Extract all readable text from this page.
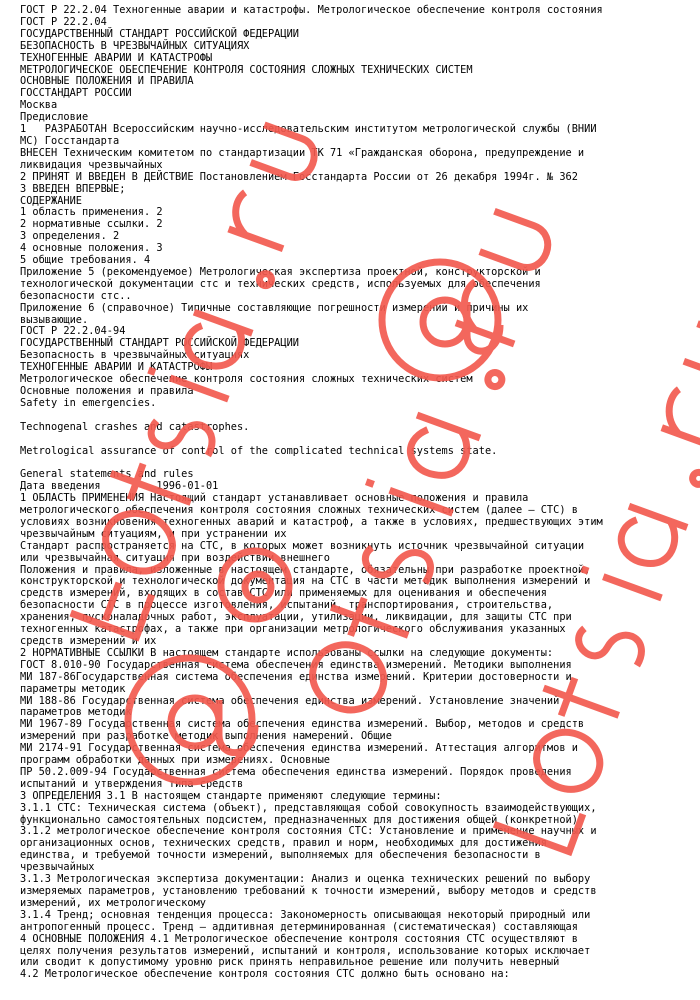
ГОСТ Р 22.2.04 Техногенные аварии и катастрофы. Метрологическое обеспечение контроля состояния
ГОСТ Р 22.2.04
ГОСУДАРСТВЕННЫЙ СТАНДАРТ РОССИЙСКОЙ ФЕДЕРАЦИИ
БЕЗОПАСНОСТЬ В ЧРЕЗВЫЧАЙНЫХ СИТУАЦИЯХ
ТЕХНОГЕННЫЕ АВАРИИ И КАТАСТРОФЫ
МЕТРОЛОГИЧЕСКОЕ ОБЕСПЕЧЕНИЕ КОНТРОЛЯ СОСТОЯНИЯ СЛОЖНЫХ ТЕХНИЧЕСКИХ СИСТЕМ
ОСНОВНЫЕ ПОЛОЖЕНИЯ И ПРАВИЛА
ГОССТАНДАРТ РОССИИ
Москва
Предисловие
1   РАЗРАБОТАН Всероссийским научно-исследовательским институтом метрологической службы (ВНИИ
МС) Госстандарта
ВНЕСЕН Техническим комитетом по стандартизации ТК 71 «Гражданская оборона, предупреждение и
ликвидация чрезвычайных
2 ПРИНЯТ И ВВЕДЕН В ДЕЙСТВИЕ Постановлением Госстандарта России от 26 декабря 1994г. № 362
3 ВВЕДЕН ВПЕРВЫЕ;
СОДЕРЖАНИЕ
1 область применения. 2
2 нормативные ссылки. 2
3 определения. 2
4 основные положения. 3
5 общие требования. 4
Приложение 5 (рекомендуемое) Метрологическая экспертиза проектной, конструкторской и
технологической документации стс и технических средств, используемых для обеспечения
безопасности стс..
Приложение 6 (справочное) Типичные составляющие погрешности измерений и причины их
вызывающие.
ГОСТ Р 22.2.04-94
ГОСУДАРСТВЕННЫЙ СТАНДАРТ РОССИЙСКОЙ ФЕДЕРАЦИИ
Безопасность в чрезвычайных ситуациях
ТЕХНОГЕННЫЕ АВАРИИ И КАТАСТРОФЫ
Метрологическое обеспечение контроля состояния сложных технических систем
Основные положения и правила
Safety in emergencies.
Technogenal crashes and catastrophes.
Metrological assurance of control of the complicated technical systems state.
General statements and rules
Дата введения         1996-01-01
1 ОБЛАСТЬ ПРИМЕНЕНИЯ Настоящий стандарт устанавливает основные положения и правила
метрологического обеспечения контроля состояния сложных технических систем (далее — СТС) в
условиях возникновения техногенных аварий и катастроф, а также в условиях, предшествующих этим
чрезвычайным ситуациям, и при устранении их
Стандарт распространяется на СТС, в которых может возникнуть источник чрезвычайной ситуации
или чрезвычайная ситуация при воздействии внешнего
Положения и правила, изложенные в настоящем стандарте, обязательны при разработке проектной,
конструкторской и технологической документация на СТС в части методик выполнения измерений и
средств измерений, входящих в состав СТС или применяемых для оценивания и обеспечения
безопасности СТС в процессе изготовления, испытаний, транспортирования, строительства,
хранения, пусконаладочных работ, эксплуатации, утилизации, ликвидации, для защиты СТС при
техногенных катастрофах, а также при организации метрологического обслуживания указанных
средств измерений и их
2 НОРМАТИВНЫЕ ССЫЛКИ В настоящем стандарте использованы ссылки на следующие документы:
ГОСТ 8.010-90 Государственная система обеспечения единства измерений. Методики выполнения
МИ 187-86Государственная система обеспечения единства измерений. Критерии достоверности и
параметры методик
МИ 188-86 Государственная система обеспечения единства измерений. Установление значений
параметров методик
МИ 1967-89 Государственная система обеспечения единства измерений. Выбор, методов и средств
измерений при разработке методик выполнения намерений. Общие
МИ 2174-91 Государственная система обеспечения единства измерений. Аттестация алгоритмов и
программ обработки данных при измерениях. Основные
ПР 50.2.009-94 Государственная система обеспечения единства измерений. Порядок проведения
испытаний и утверждения типа средств
3 ОПРЕДЕЛЕНИЯ 3.1 В настоящем стандарте применяют следующие термины:
3.1.1 СТС: Техническая система (объект), представляющая собой совокупность взаимодействующих,
функционально самостоятельных подсистем, предназначенных для достижения общей (конкретной)
3.1.2 метрологическое обеспечение контроля состояния СТС: Установление и применение научных и
организационных основ, технических средств, правил и норм, необходимых для достижения
единства, и требуемой точности измерений, выполняемых для обеспечения безопасности в
чрезвычайных
3.1.3 Метрологическая экспертиза документации: Анализ и оценка технических решений по выбору
измеряемых параметров, установлению требований к точности измерений, выбору методов и средств
измерений, их метрологическому
3.1.4 Тренд; основная тенденция процесса: Закономерность описывающая некоторый природный или
антропогенный процесс. Тренд — аддитивная детерминированная (систематическая) составляющая
4 ОСНОВНЫЕ ПОЛОЖЕНИЯ 4.1 Метрологическое обеспечение контроля состояния СТС осуществляют в
целях получения результатов измерений, испытаний и контроля, использование которых исключает
или сводит к допустимому уровню риск принять неправильное решение или получить неверный
4.2 Метрологическое обеспечение контроля состояния СТС должно быть основано на:
